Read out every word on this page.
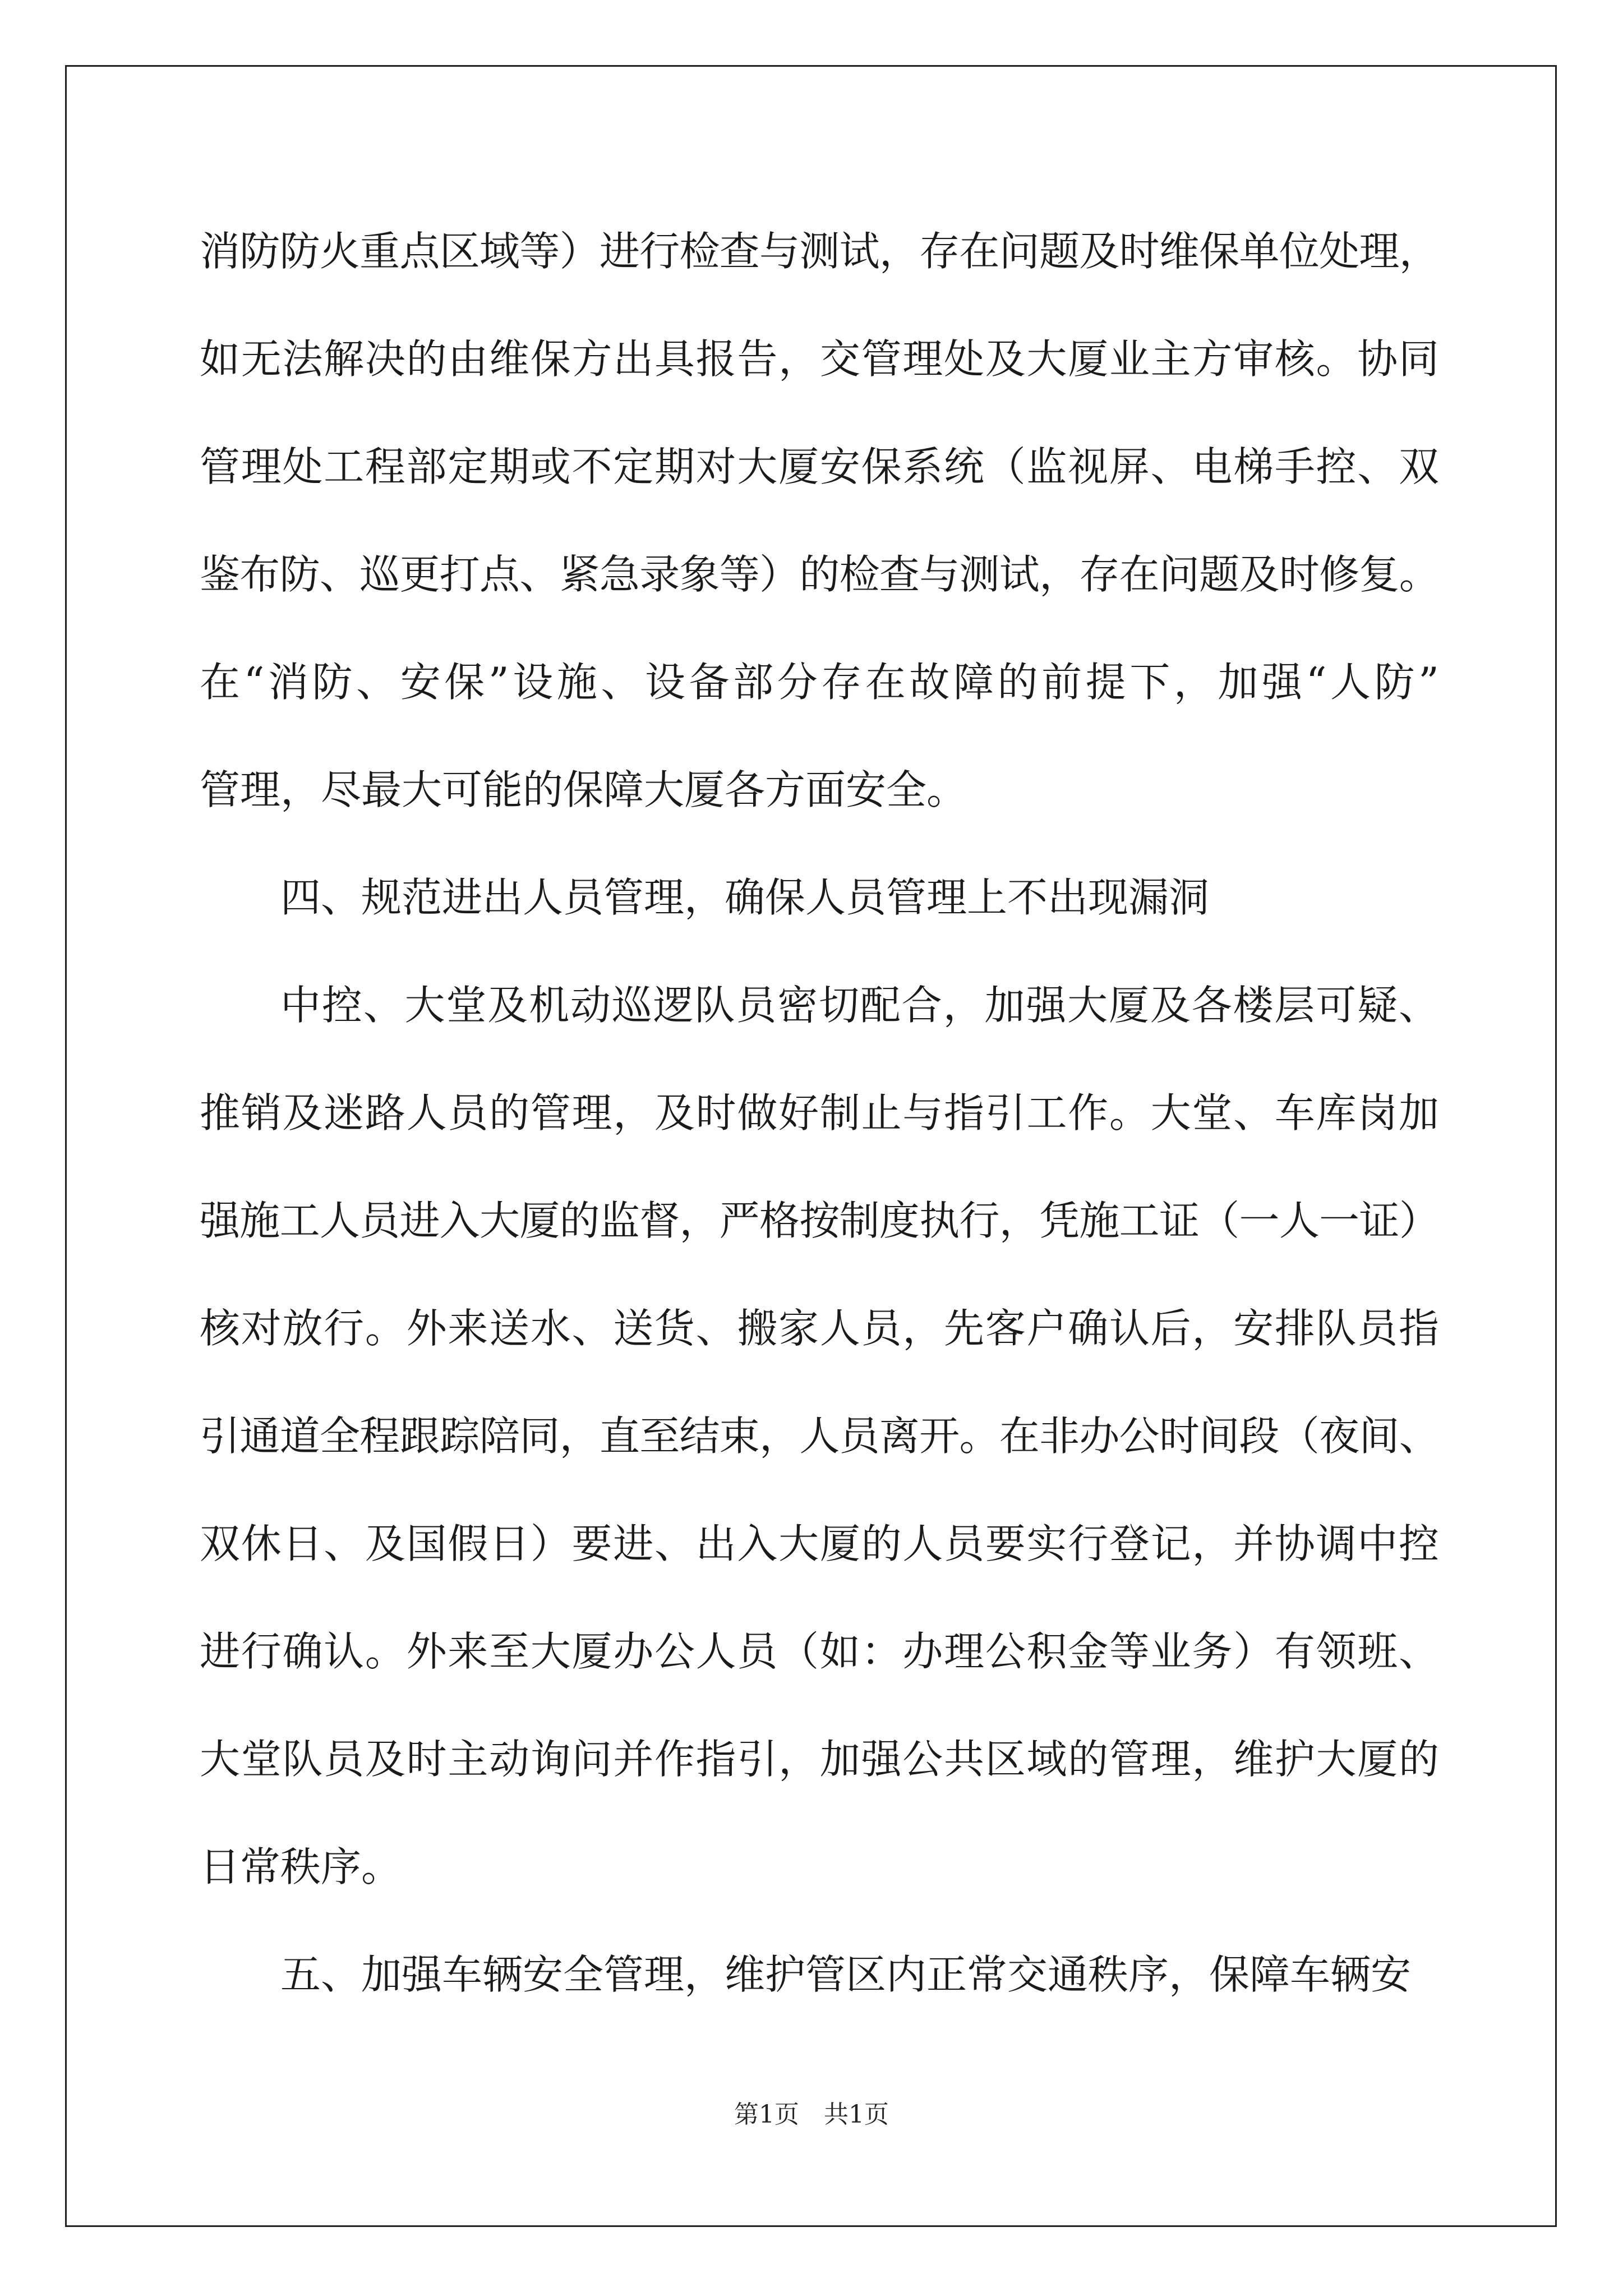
消防防火重点区域等）进行检查与测试，存在问题及时维保单位处理，
如无法解决的由维保方出具报告，交管理处及大厦业主方审核。协同
管理处工程部定期或不定期对大厦安保系统（监视屏、电梯手控、双
鉴布防、巡更打点、紧急录象等）的检查与测试，存在问题及时修复。
在“消防、安保”设施、设备部分存在故障的前提下，加强“人防”
管理，尽最大可能的保障大厦各方面安全。

四、规范进出人员管理，确保人员管理上不出现漏洞

中控、大堂及机动巡逻队员密切配合，加强大厦及各楼层可疑、
推销及迷路人员的管理，及时做好制止与指引工作。大堂、车库岗加
强施工人员进入大厦的监督，严格按制度执行，凭施工证（一人一证）
核对放行。外来送水、送货、搬家人员，先客户确认后，安排队员指
引通道全程跟踪陪同，直至结束，人员离开。在非办公时间段（夜间、
双休日、及国假日）要进、出入大厦的人员要实行登记，并协调中控
进行确认。外来至大厦办公人员（如：办理公积金等业务）有领班、
大堂队员及时主动询问并作指引，加强公共区域的管理，维护大厦的
日常秩序。

五、加强车辆安全管理，维护管区内正常交通秩序，保障车辆安

第1页　共1页
